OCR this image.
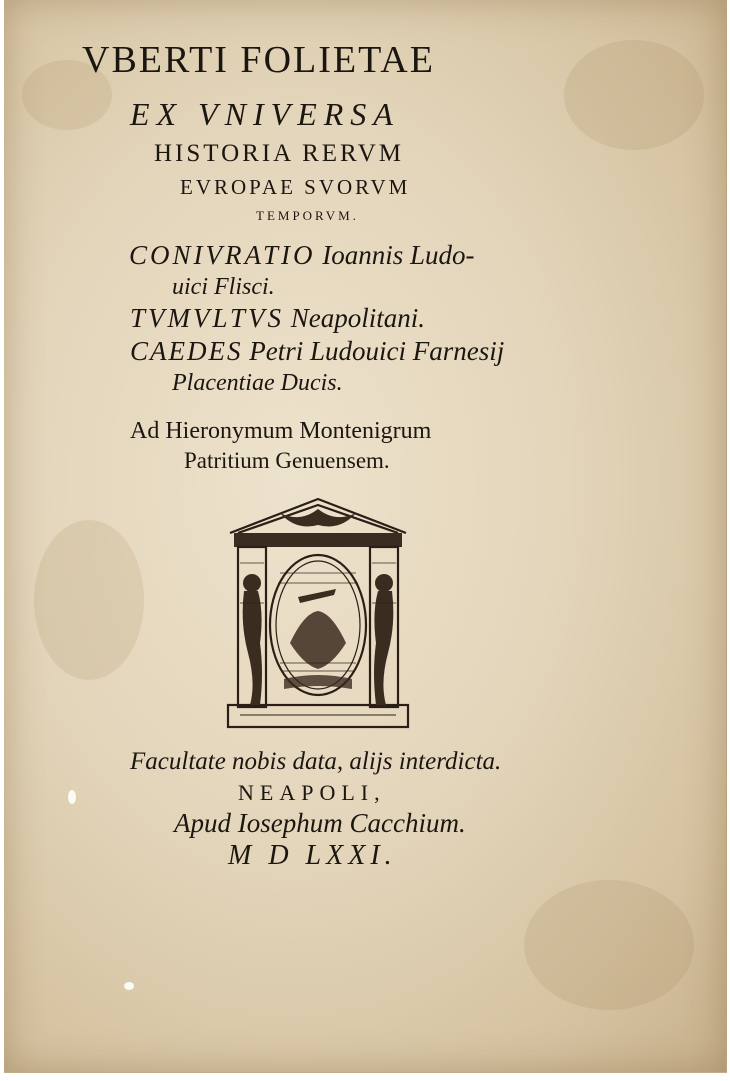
VBERTI FOLIETAE
EX VNIVERSA
HISTORIA RERVM
EVROPAE SVORVM
TEMPORVM.
CONIVRATIO Ioannis Ludo-
uici Flisci.
TVMVLTVS Neapolitani.
CAEDES Petri Ludouici Farnesij
Placentiae Ducis.
Ad Hieronymum Montenigrum
Patritium Genuensem.
Facultate nobis data, alijs interdicta.
NEAPOLI,
Apud Iosephum Cacchium.
M D LXXI.
